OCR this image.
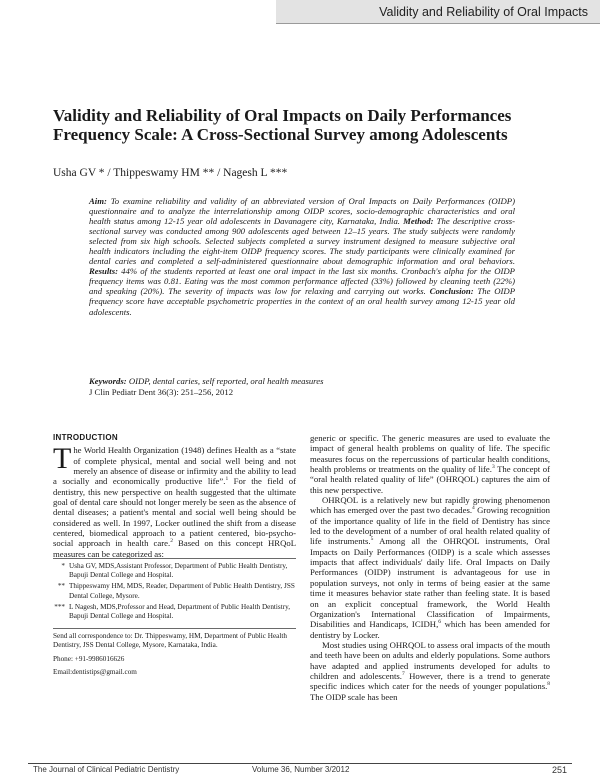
Validity and Reliability of Oral Impacts
Validity and Reliability of Oral Impacts on Daily Performances Frequency Scale: A Cross-Sectional Survey among Adolescents
Usha GV * / Thippeswamy HM ** / Nagesh L ***
Aim: To examine reliability and validity of an abbreviated version of Oral Impacts on Daily Performances (OIDP) questionnaire and to analyze the interrelationship among OIDP scores, socio-demographic characteristics and oral health status among 12-15 year old adolescents in Davanagere city, Karnataka, India. Method: The descriptive cross-sectional survey was conducted among 900 adolescents aged between 12–15 years. The study subjects were randomly selected from six high schools. Selected subjects completed a survey instrument designed to measure subjective oral health indicators including the eight-item OIDP frequency scores. The study participants were clinically examined for dental caries and completed a self-administered questionnaire about demographic information and oral behaviors. Results: 44% of the students reported at least one oral impact in the last six months. Cronbach's alpha for the OIDP frequency items was 0.81. Eating was the most common performance affected (33%) followed by cleaning teeth (22%) and speaking (20%). The severity of impacts was low for relaxing and carrying out works. Conclusion: The OIDP frequency score have acceptable psychometric properties in the context of an oral health survey among 12-15 year old adolescents.
Keywords: OIDP, dental caries, self reported, oral health measures
J Clin Pediatr Dent 36(3): 251–256, 2012
INTRODUCTION

The World Health Organization (1948) defines Health as a “state of complete physical, mental and social well being and not merely an absence of disease or infirmity and the ability to lead a socially and economically productive life”.$^1$ For the field of dentistry, this new perspective on health suggested that the ultimate goal of dental care should not longer merely be seen as the absence of dental diseases; a patient's mental and social well being should be considered as well. In 1997, Locker outlined the shift from a disease centered, biomedical approach to a patient centered, bio-psycho-social approach in health care.$^2$ Based on this concept HRQoL measures can be categorized as:

generic or specific. The generic measures are used to evaluate the impact of general health problems on quality of life. The specific measures focus on the repercussions of particular health conditions, health problems or treatments on the quality of life.$^3$ The concept of “oral health related quality of life” (OHRQOL) captures the aim of this new perspective.

OHRQOL is a relatively new but rapidly growing phenomenon which has emerged over the past two decades.$^4$ Growing recognition of the importance quality of life in the field of Dentistry has since led to the development of a number of oral health related quality of life instruments.$^5$ Among all the OHRQOL instruments, Oral Impacts on Daily Performances (OIDP) is a scale which assesses impacts that affect individuals' daily life. Oral Impacts on Daily Performances (OIDP) instrument is advantageous for use in population surveys, not only in terms of being easier at the same time it measures behavior state rather than feeling state. It is based on an explicit conceptual framework, the World Health Organization's International Classification of Impairments, Disabilities and Handicaps, ICIDH,$^6$ which has been amended for dentistry by Locker.

Most studies using OHRQOL to assess oral impacts of the mouth and teeth have been on adults and elderly populations. Some authors have adapted and applied instruments developed for adults to children and adolescents.$^7$ However, there is a trend to generate specific indices which cater for the needs of younger populations.$^8$ The OIDP scale has been

* Usha GV, MDS,Assistant Professor, Department of Public Health Dentistry, Bapuji Dental College and Hospital.
** Thippeswamy HM, MDS, Reader, Department of Public Health Dentistry, JSS Dental College, Mysore.
*** L Nagesh, MDS,Professor and Head, Department of Public Health Dentistry, Bapuji Dental College and Hospital.
Send all correspondence to: Dr. Thippeswamy, HM, Department of Public Health Dentistry, JSS Dental College, Mysore, Karnataka, India.
Phone: +91-9986016626
Email:dentistips@gmail.com
The Journal of Clinical Pediatric Dentistry	Volume 36, Number 3/2012	251
